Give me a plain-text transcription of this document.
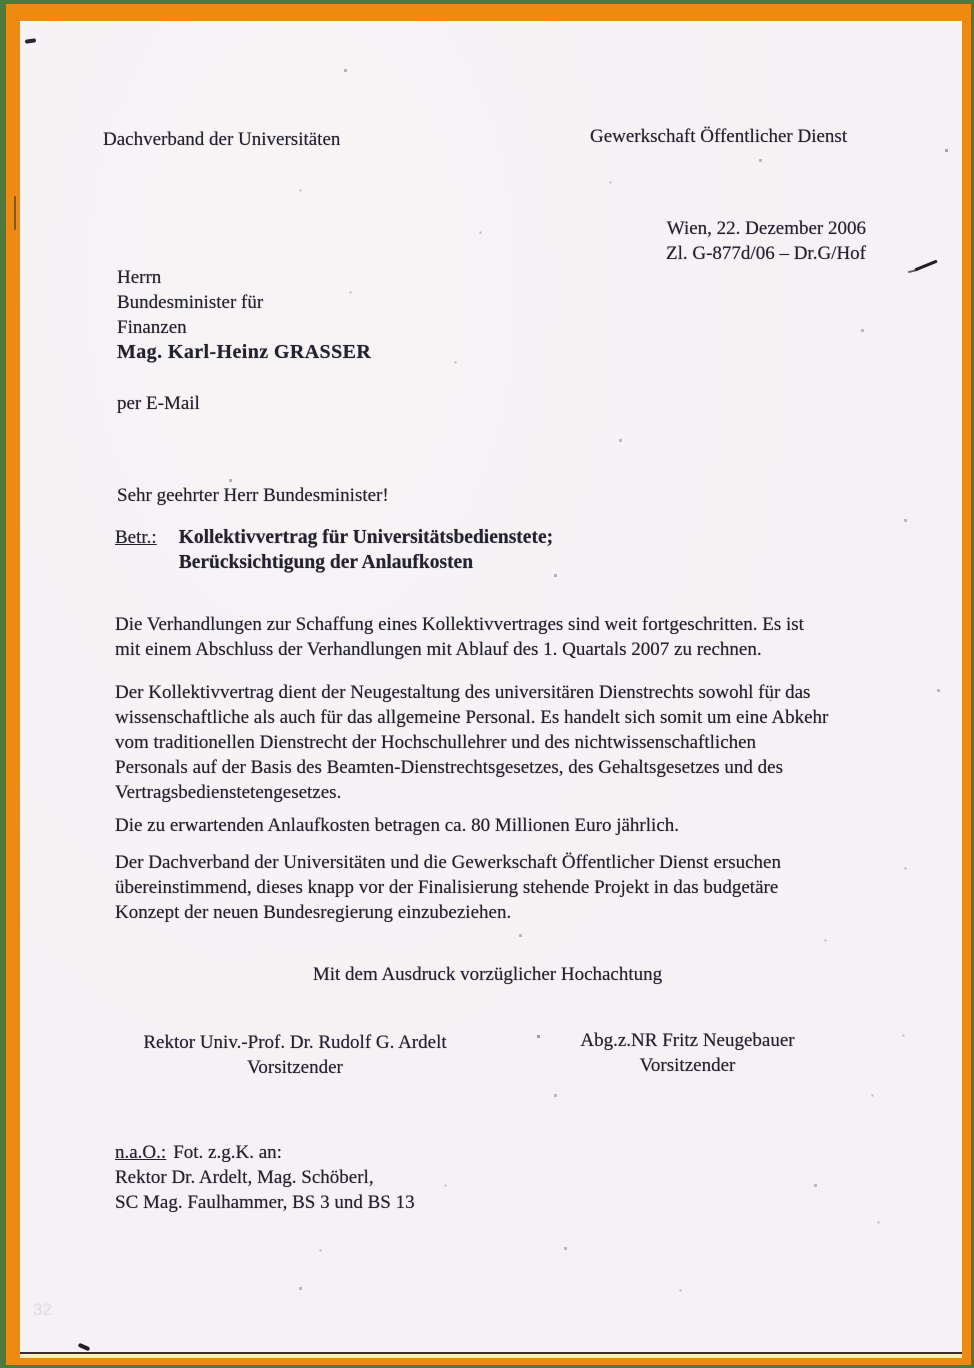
Dachverband der Universitäten	Gewerkschaft Öffentlicher Dienst
Wien, 22. Dezember 2006
Zl. G-877d/06 – Dr.G/Hof
Herrn
Bundesminister für
Finanzen
Mag. Karl-Heinz GRASSER
per E-Mail
Sehr geehrter Herr Bundesminister!
Betr.: Kollektivvertrag für Universitätsbedienstete;
Berücksichtigung der Anlaufkosten
Die Verhandlungen zur Schaffung eines Kollektivvertrages sind weit fortgeschritten. Es ist
mit einem Abschluss der Verhandlungen mit Ablauf des 1. Quartals 2007 zu rechnen.
Der Kollektivvertrag dient der Neugestaltung des universitären Dienstrechts sowohl für das
wissenschaftliche als auch für das allgemeine Personal. Es handelt sich somit um eine Abkehr
vom traditionellen Dienstrecht der Hochschullehrer und des nichtwissenschaftlichen
Personals auf der Basis des Beamten-Dienstrechtsgesetzes, des Gehaltsgesetzes und des
Vertragsbedienstetengesetzes.
Die zu erwartenden Anlaufkosten betragen ca. 80 Millionen Euro jährlich.
Der Dachverband der Universitäten und die Gewerkschaft Öffentlicher Dienst ersuchen
übereinstimmend, dieses knapp vor der Finalisierung stehende Projekt in das budgetäre
Konzept der neuen Bundesregierung einzubeziehen.
Mit dem Ausdruck vorzüglicher Hochachtung
Rektor Univ.-Prof. Dr. Rudolf G. Ardelt
Vorsitzender
Abg.z.NR Fritz Neugebauer
Vorsitzender
n.a.O.: Fot. z.g.K. an:
Rektor Dr. Ardelt, Mag. Schöberl,
SC Mag. Faulhammer, BS 3 und BS 13
32
